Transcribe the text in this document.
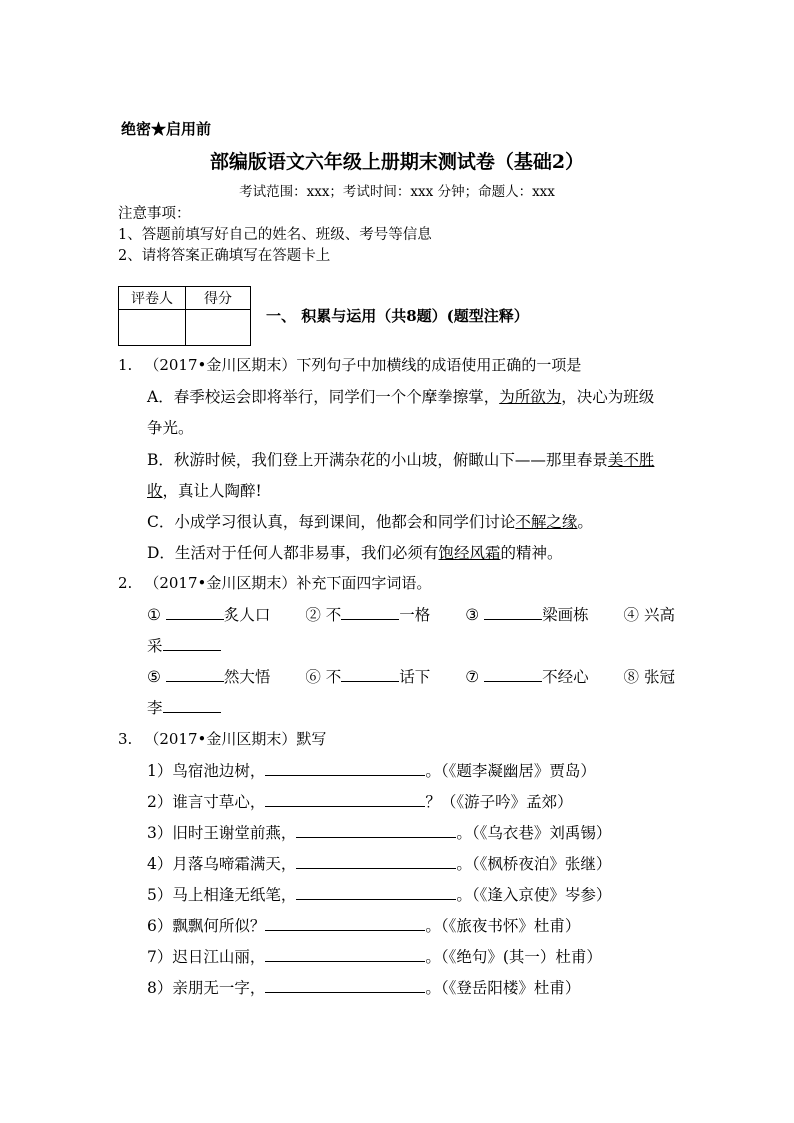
绝密★启用前
部编版语文六年级上册期末测试卷（基础2）
考试范围：xxx；考试时间：xxx 分钟；命题人：xxx
注意事项：
1、答题前填写好自己的姓名、班级、考号等信息
2、请将答案正确填写在答题卡上
评卷人	得分

一、 积累与运用（共8题）(题型注释）
1. （2017•金川区期末）下列句子中加横线的成语使用正确的一项是
A．春季校运会即将举行，同学们一个个摩拳擦掌，为所欲为，决心为班级
争光。
B．秋游时候，我们登上开满杂花的小山坡，俯瞰山下——那里春景美不胜
收，真让人陶醉!
C．小成学习很认真，每到课间，他都会和同学们讨论不解之缘。
D．生活对于任何人都非易事，我们必须有饱经风霜的精神。
2. （2017•金川区期末）补充下面四字词语。
①	炙人口 ② 不	一格 ③	梁画栋 ④ 兴高
采
⑤	然大悟 ⑥ 不	话下 ⑦	不经心 ⑧ 张冠
李
3. （2017•金川区期末）默写
1）鸟宿池边树，	。（《题李凝幽居》贾岛）
2）谁言寸草心，	？（《游子吟》孟郊）
3）旧时王谢堂前燕，	。（《乌衣巷》刘禹锡）
4）月落乌啼霜满天，	。（《枫桥夜泊》张继）
5）马上相逢无纸笔，	。（《逢入京使》岑参）
6）飘飘何所似？	。（《旅夜书怀》杜甫）
7）迟日江山丽，	。（《绝句》(其一）杜甫）
8）亲朋无一字，	。（《登岳阳楼》杜甫）
